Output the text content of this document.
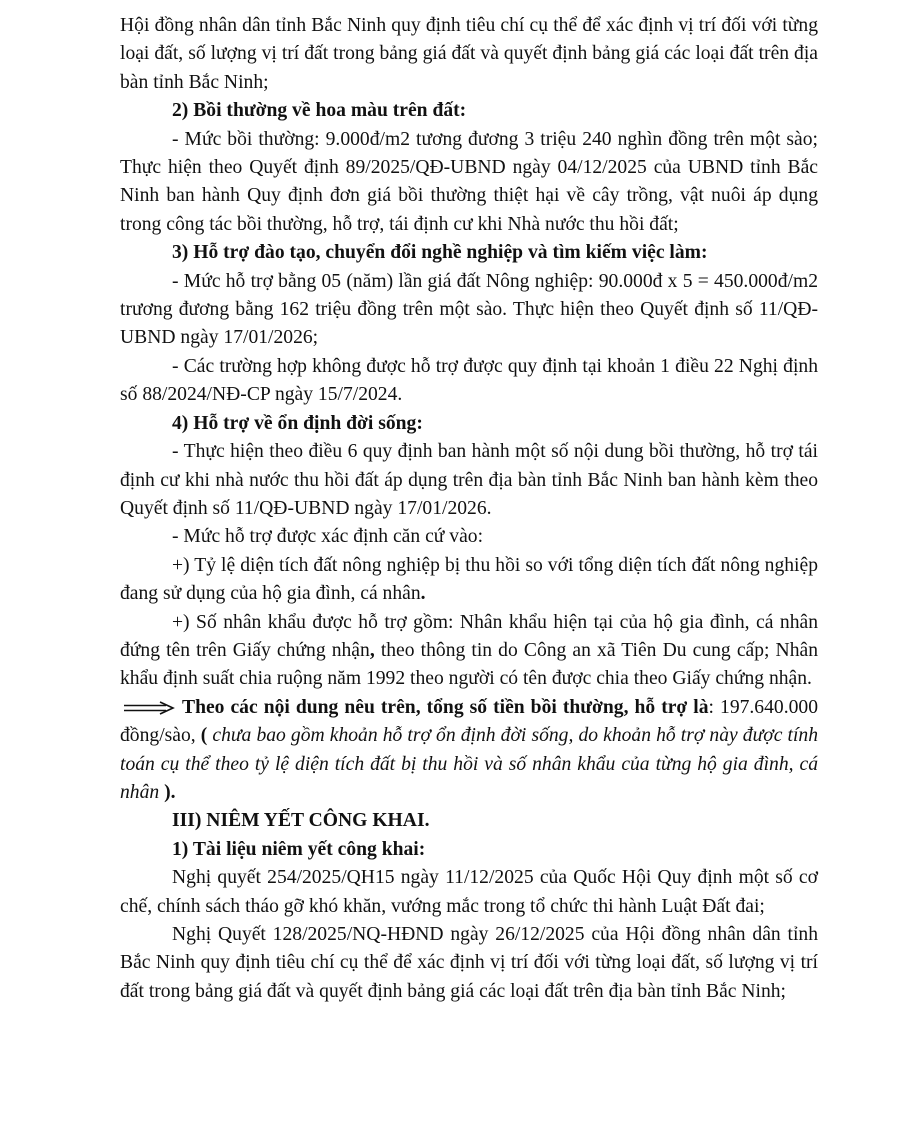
Hội đồng nhân dân tỉnh Bắc Ninh quy định tiêu chí cụ thể để xác định vị trí đối với từng loại đất, số lượng vị trí đất trong bảng giá đất và quyết định bảng giá các loại đất trên địa bàn tỉnh Bắc Ninh;

2) Bồi thường về hoa màu trên đất:

- Mức bồi thường: 9.000đ/m2 tương đương 3 triệu 240 nghìn đồng trên một sào; Thực hiện theo Quyết định 89/2025/QĐ-UBND ngày 04/12/2025 của UBND tỉnh Bắc Ninh ban hành Quy định đơn giá bồi thường thiệt hại về cây trồng, vật nuôi áp dụng trong công tác bồi thường, hỗ trợ, tái định cư khi Nhà nước thu hồi đất;

3) Hỗ trợ đào tạo, chuyển đổi nghề nghiệp và tìm kiếm việc làm:

- Mức hỗ trợ bằng 05 (năm) lần giá đất Nông nghiệp: 90.000đ x 5 = 450.000đ/m2 trương đương bằng 162 triệu đồng trên một sào. Thực hiện theo Quyết định số 11/QĐ-UBND ngày 17/01/2026;

- Các trường hợp không được hỗ trợ được quy định tại khoản 1 điều 22 Nghị định số 88/2024/NĐ-CP ngày 15/7/2024.

4) Hỗ trợ về ổn định đời sống:

- Thực hiện theo điều 6 quy định ban hành một số nội dung bồi thường, hỗ trợ tái định cư khi nhà nước thu hồi đất áp dụng trên địa bàn tỉnh Bắc Ninh ban hành kèm theo Quyết định số 11/QĐ-UBND ngày 17/01/2026.

- Mức hỗ trợ được xác định căn cứ vào:

+) Tỷ lệ diện tích đất nông nghiệp bị thu hồi so với tổng diện tích đất nông nghiệp đang sử dụng của hộ gia đình, cá nhân.

+) Số nhân khẩu được hỗ trợ gồm: Nhân khẩu hiện tại của hộ gia đình, cá nhân đứng tên trên Giấy chứng nhận, theo thông tin do Công an xã Tiên Du cung cấp; Nhân khẩu định suất chia ruộng năm 1992 theo người có tên được chia theo Giấy chứng nhận.

Theo các nội dung nêu trên, tổng số tiền bồi thường, hỗ trợ là: 197.640.000 đồng/sào, ( chưa bao gồm khoản hỗ trợ ổn định đời sống, do khoản hỗ trợ này được tính toán cụ thể theo tỷ lệ diện tích đất bị thu hồi và số nhân khẩu của từng hộ gia đình, cá nhân ).

III) NIÊM YẾT CÔNG KHAI.

1) Tài liệu niêm yết công khai:

Nghị quyết 254/2025/QH15 ngày 11/12/2025 của Quốc Hội Quy định một số cơ chế, chính sách tháo gỡ khó khăn, vướng mắc trong tổ chức thi hành Luật Đất đai;

Nghị Quyết 128/2025/NQ-HĐND ngày 26/12/2025 của Hội đồng nhân dân tỉnh Bắc Ninh quy định tiêu chí cụ thể để xác định vị trí đối với từng loại đất, số lượng vị trí đất trong bảng giá đất và quyết định bảng giá các loại đất trên địa bàn tỉnh Bắc Ninh;
